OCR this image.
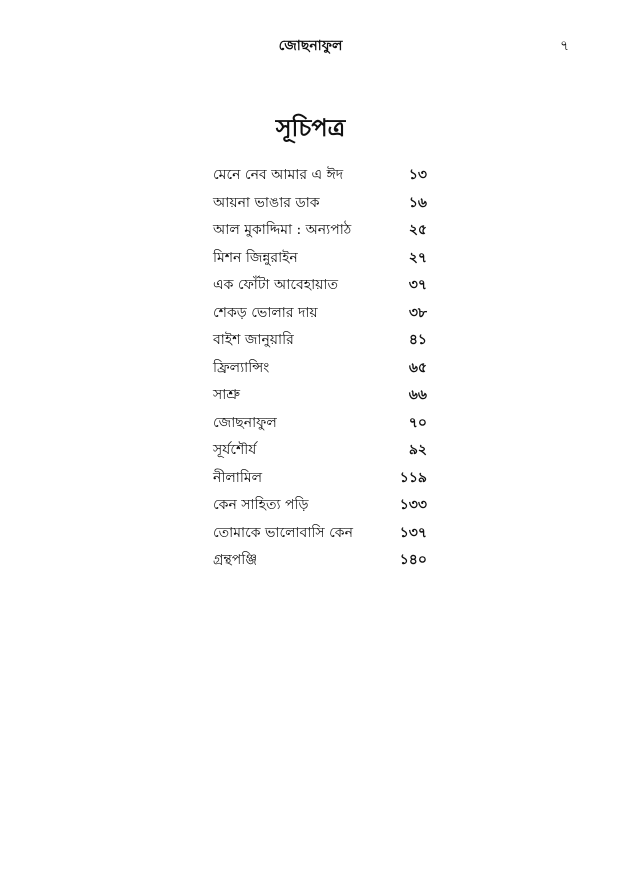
জোছনাফুল	৭
সূচিপত্র
মেনে নেব আমার এ ঈদ	১৩
আয়না ভাঙার ডাক	১৬
আল মুকাদ্দিমা : অন্যপাঠ	২৫
মিশন জিন্নুরাইন	২৭
এক ফোঁটা আবেহায়াত	৩৭
শেকড় ভোলার দায়	৩৮
বাইশ জানুয়ারি	৪১
ফ্রিল্যান্সিং	৬৫
সাশ্রু	৬৬
জোছনাফুল	৭০
সূর্যশৌর্য	৯২
নীলামিল	১১৯
কেন সাহিত্য পড়ি	১৩৩
তোমাকে ভালোবাসি কেন	১৩৭
গ্রন্থপঞ্জি	১৪০
